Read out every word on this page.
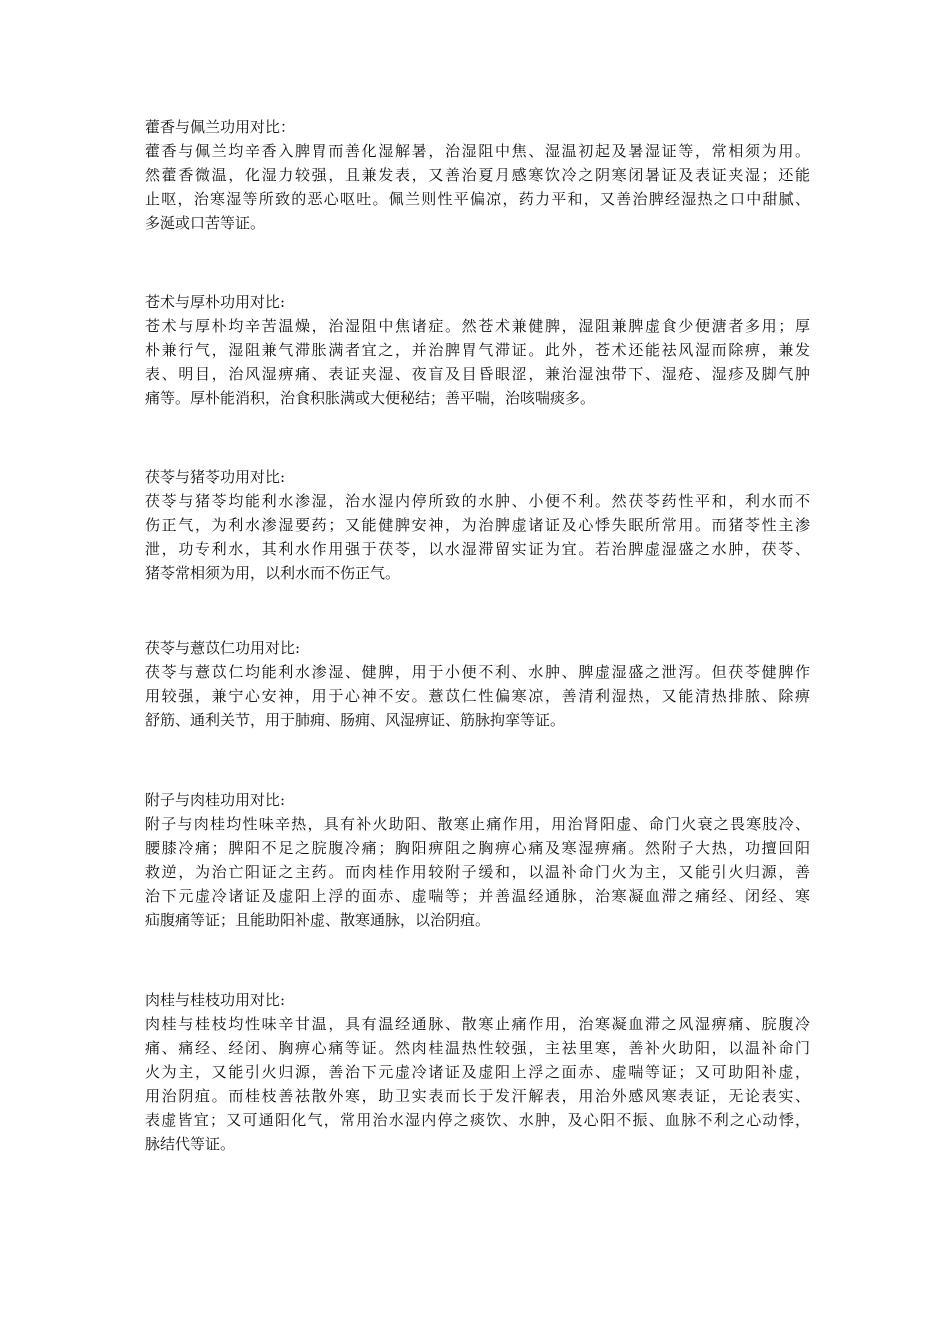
藿香与佩兰功用对比：
藿香与佩兰均辛香入脾胃而善化湿解暑，治湿阻中焦、湿温初起及暑湿证等，常相须为用。
然藿香微温，化湿力较强，且兼发表，又善治夏月感寒饮冷之阴寒闭暑证及表证夹湿；还能
止呕，治寒湿等所致的恶心呕吐。佩兰则性平偏凉，药力平和，又善治脾经湿热之口中甜腻、
多涎或口苦等证。
苍术与厚朴功用对比:
苍术与厚朴均辛苦温燥，治湿阻中焦诸症。然苍术兼健脾，湿阻兼脾虚食少便溏者多用；厚
朴兼行气，湿阻兼气滞胀满者宜之，并治脾胃气滞证。此外，苍术还能祛风湿而除痹，兼发
表、明目，治风湿痹痛、表证夹湿、夜盲及目昏眼涩，兼治湿浊带下、湿疮、湿疹及脚气肿
痛等。厚朴能消积，治食积胀满或大便秘结；善平喘，治咳喘痰多。
茯苓与猪苓功用对比:
茯苓与猪苓均能利水渗湿，治水湿内停所致的水肿、小便不利。然茯苓药性平和，利水而不
伤正气，为利水渗湿要药；又能健脾安神，为治脾虚诸证及心悸失眠所常用。而猪苓性主渗
泄，功专利水，其利水作用强于茯苓，以水湿滞留实证为宜。若治脾虚湿盛之水肿，茯苓、
猪苓常相须为用，以利水而不伤正气。
茯苓与薏苡仁功用对比:
茯苓与薏苡仁均能利水渗湿、健脾，用于小便不利、水肿、脾虚湿盛之泄泻。但茯苓健脾作
用较强，兼宁心安神，用于心神不安。薏苡仁性偏寒凉，善清利湿热，又能清热排脓、除痹
舒筋、通利关节，用于肺痈、肠痈、风湿痹证、筋脉拘挛等证。
附子与肉桂功用对比:
附子与肉桂均性味辛热，具有补火助阳、散寒止痛作用，用治肾阳虚、命门火衰之畏寒肢冷、
腰膝冷痛；脾阳不足之脘腹冷痛；胸阳痹阻之胸痹心痛及寒湿痹痛。然附子大热，功擅回阳
救逆，为治亡阳证之主药。而肉桂作用较附子缓和，以温补命门火为主，又能引火归源，善
治下元虚冷诸证及虚阳上浮的面赤、虚喘等；并善温经通脉，治寒凝血滞之痛经、闭经、寒
疝腹痛等证；且能助阳补虚、散寒通脉，以治阴疽。
肉桂与桂枝功用对比:
肉桂与桂枝均性味辛甘温，具有温经通脉、散寒止痛作用，治寒凝血滞之风湿痹痛、脘腹冷
痛、痛经、经闭、胸痹心痛等证。然肉桂温热性较强，主祛里寒，善补火助阳，以温补命门
火为主，又能引火归源，善治下元虚冷诸证及虚阳上浮之面赤、虚喘等证；又可助阳补虚，
用治阴疽。而桂枝善祛散外寒，助卫实表而长于发汗解表，用治外感风寒表证，无论表实、
表虚皆宜；又可通阳化气，常用治水湿内停之痰饮、水肿，及心阳不振、血脉不利之心动悸，
脉结代等证。
